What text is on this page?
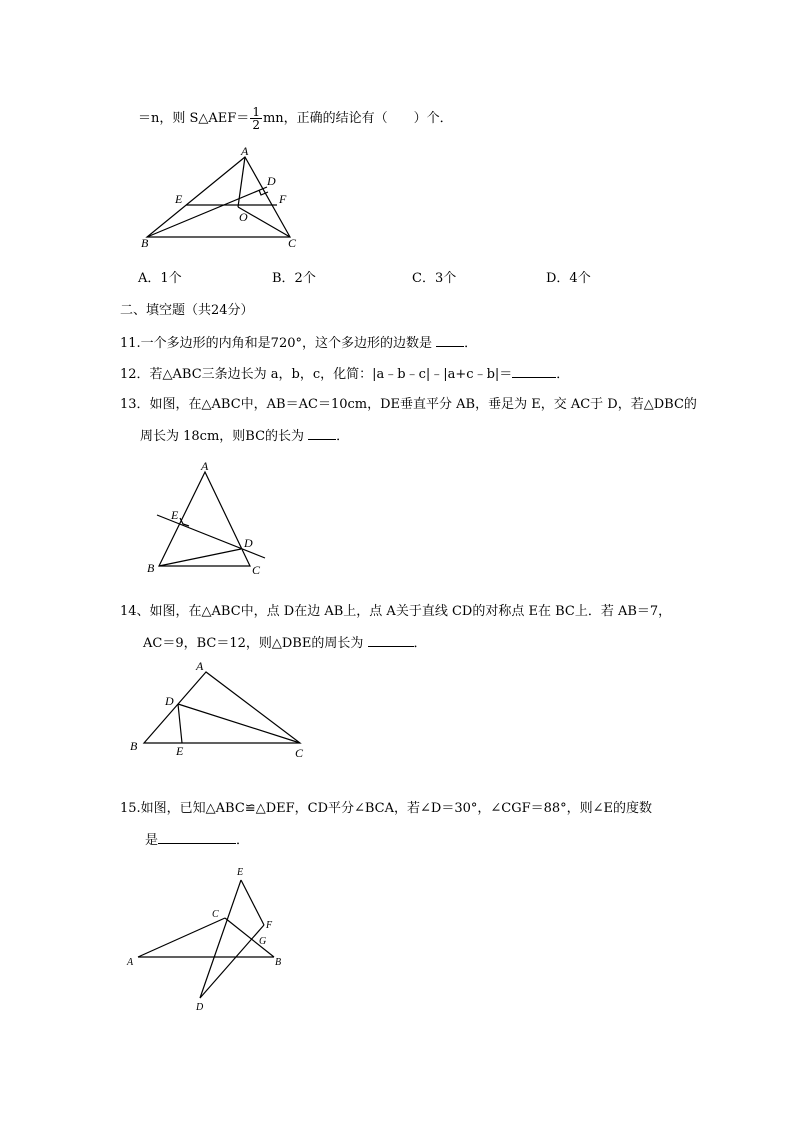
＝n，则 S△AEF＝ $\frac{1}{2}$ mn，正确的结论有（　　）个．
A
D
E	F
O
B	C
A．1个	B．2个	C．3个	D．4个
二、填空题（共24分）
11.一个多边形的内角和是720°，这个多边形的边数是 ．
12．若△ABC三条边长为 a，b，c，化简：|a﹣b﹣c|﹣|a+c﹣b|＝	．
13．如图，在△ABC中，AB＝AC＝10cm，DE垂直平分 AB，垂足为 E，交 AC于 D，若△DBC的
周长为 18cm，则BC的长为 ．
A
E
D
B	C
14、如图，在△ABC中，点 D在边 AB上，点 A关于直线 CD的对称点 E在 BC上．若 AB＝7，
AC＝9，BC＝12，则△DBE的周长为	．
A
D
B	E	C
15.如图，已知△ABC≌△DEF，CD平分∠BCA，若∠D＝30°，∠CGF＝88°，则∠E的度数
是	．
E
C
F
G
A	B
D
